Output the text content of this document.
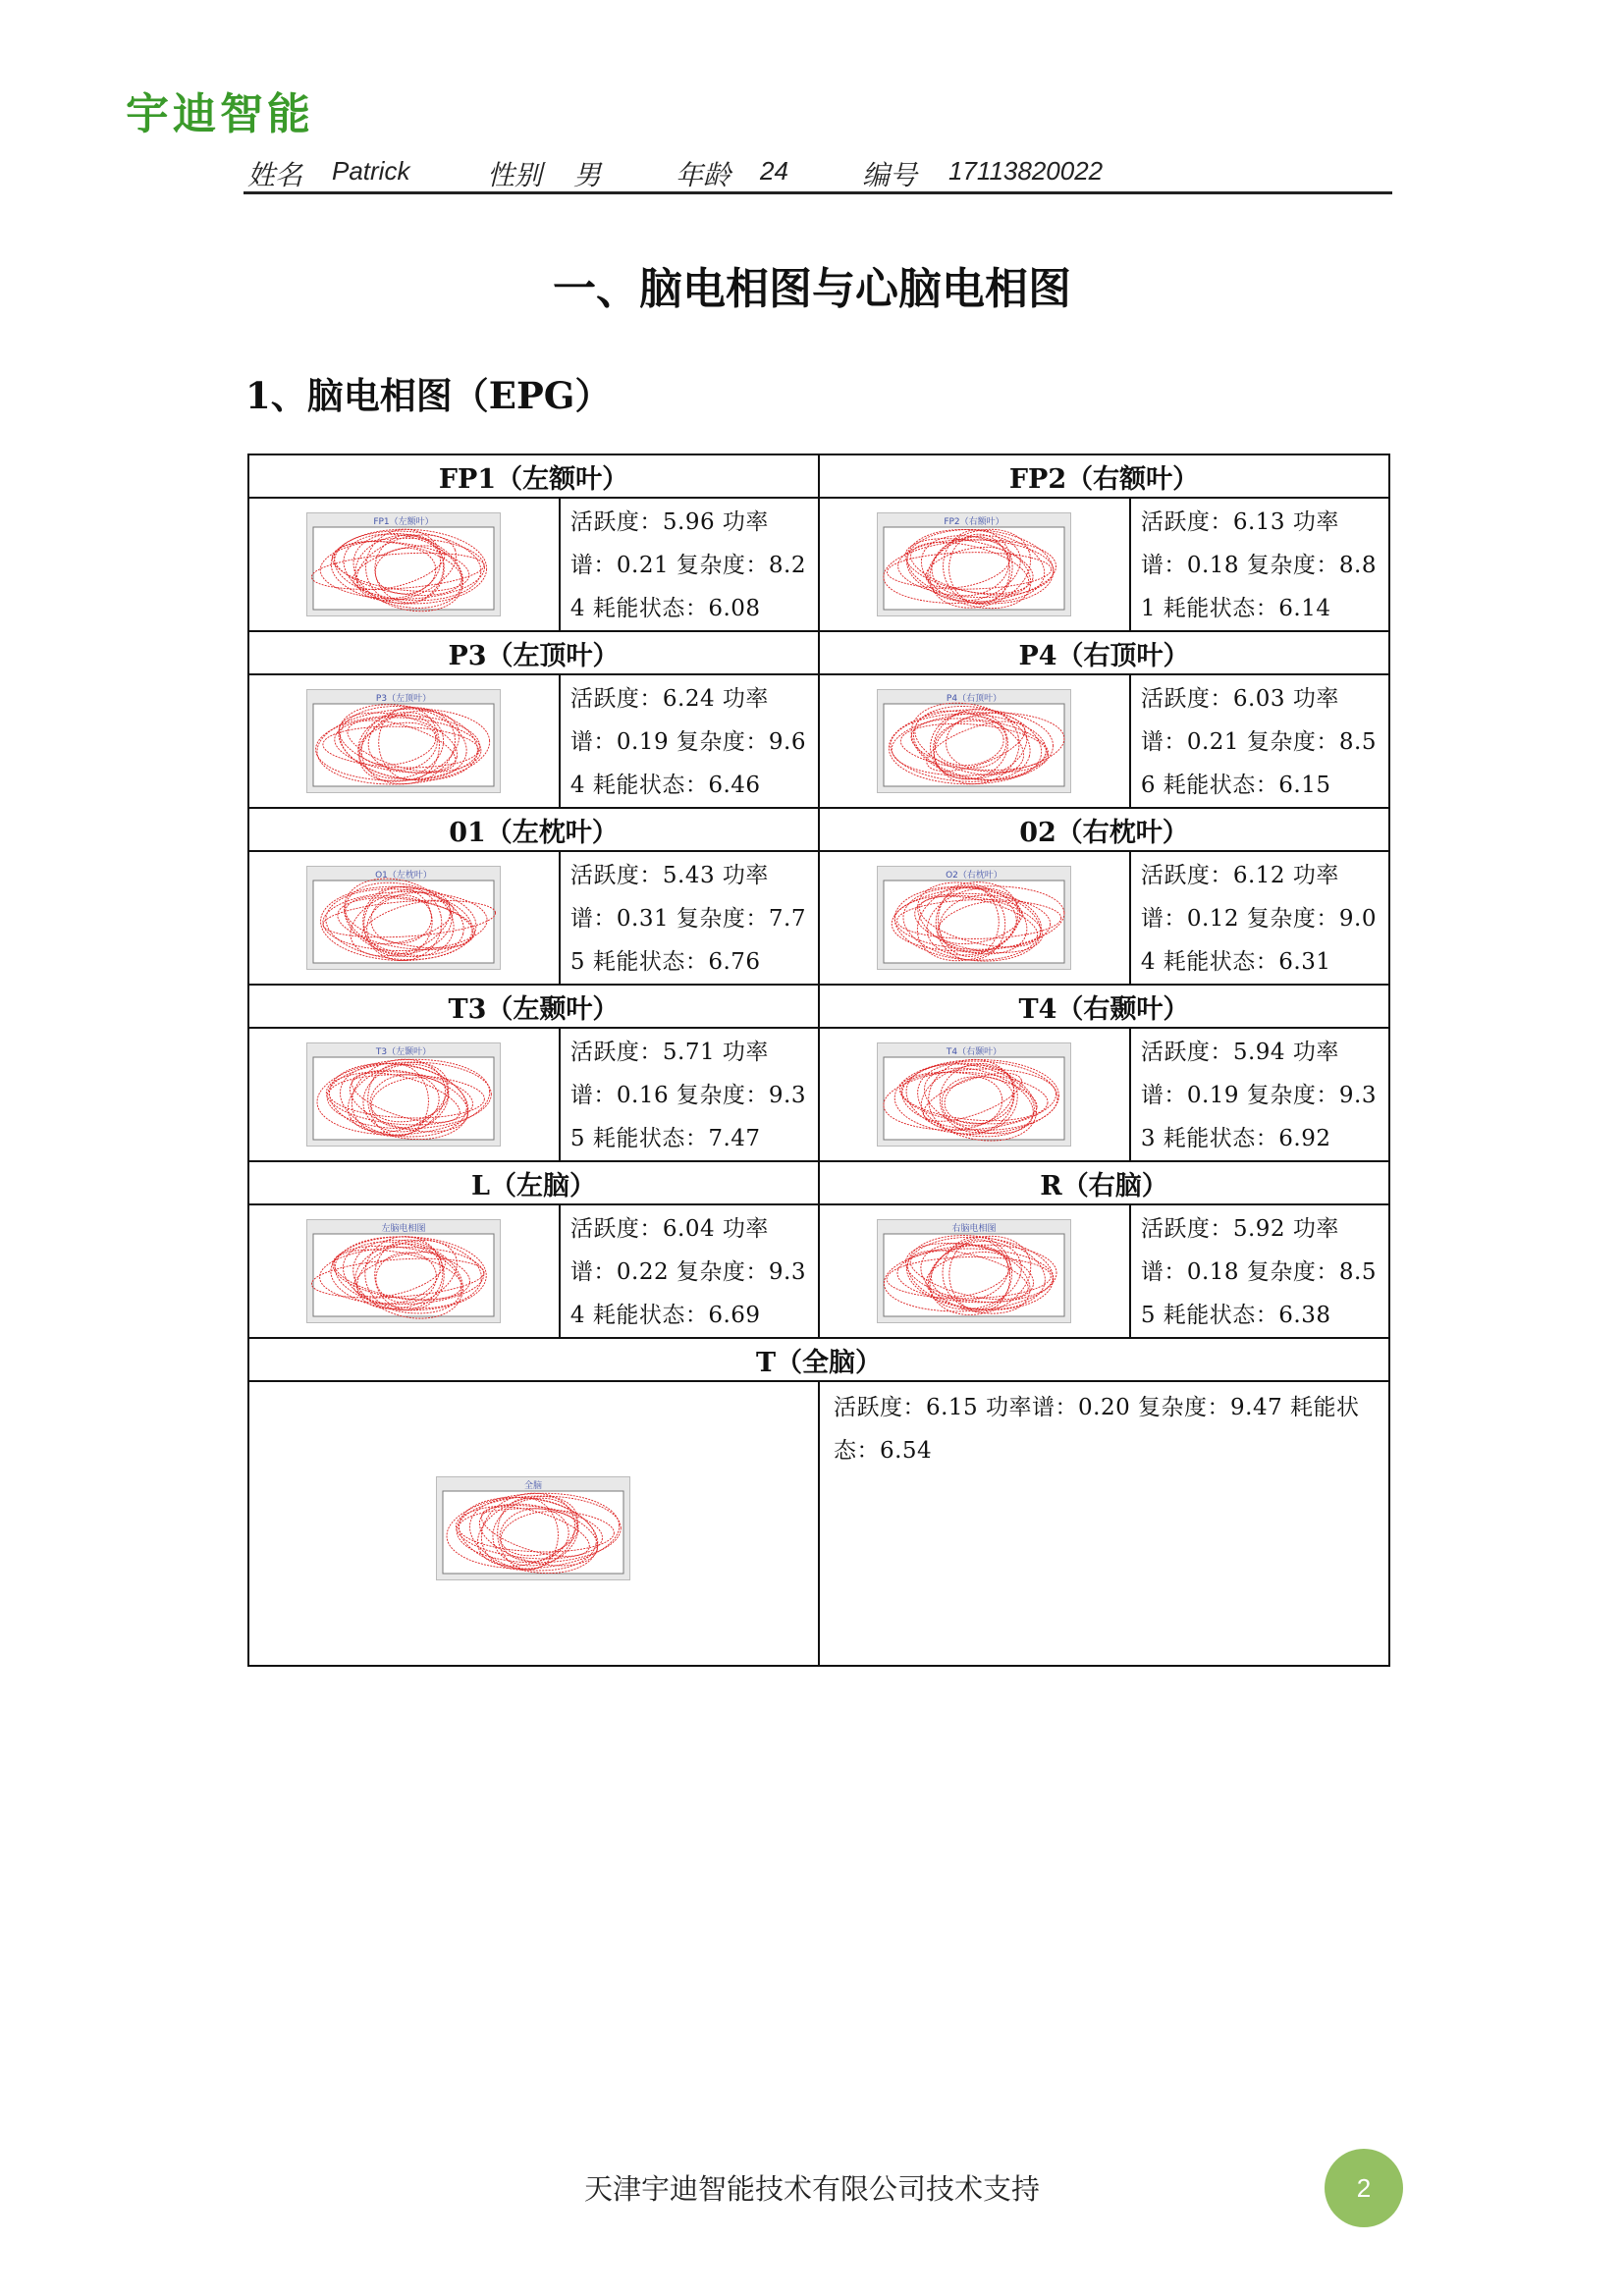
宇迪智能
姓名 Patrick	性别 男	年龄 24	编号 17113820022
一、脑电相图与心脑电相图
1、脑电相图（EPG）
FP1（左额叶）		FP2（右额叶）	

FP1（左额叶）	活跃度：5.96 功率谱：0.21 复杂度：8.24 耗能状态：6.08	FP2（右额叶）	活跃度：6.13 功率谱：0.18 复杂度：8.81 耗能状态：6.14

P3（左顶叶）		P4（右顶叶）	

P3（左顶叶）	活跃度：6.24 功率谱：0.19 复杂度：9.64 耗能状态：6.46	P4（右顶叶）	活跃度：6.03 功率谱：0.21 复杂度：8.56 耗能状态：6.15

01（左枕叶）		02（右枕叶）	

O1（左枕叶）	活跃度：5.43 功率谱：0.31 复杂度：7.75 耗能状态：6.76	O2（右枕叶）	活跃度：6.12 功率谱：0.12 复杂度：9.04 耗能状态：6.31

T3（左颞叶）		T4（右颞叶）	

T3（左颞叶）	活跃度：5.71 功率谱：0.16 复杂度：9.35 耗能状态：7.47	T4（右颞叶）	活跃度：5.94 功率谱：0.19 复杂度：9.33 耗能状态：6.92

L（左脑）		R（右脑）	

左脑电相图	活跃度：6.04 功率谱：0.22 复杂度：9.34 耗能状态：6.69	右脑电相图	活跃度：5.92 功率谱：0.18 复杂度：8.55 耗能状态：6.38

T（全脑）			

全脑		活跃度：6.15 功率谱：0.20 复杂度：9.47 耗能状态：6.54	
天津宇迪智能技术有限公司技术支持	2
